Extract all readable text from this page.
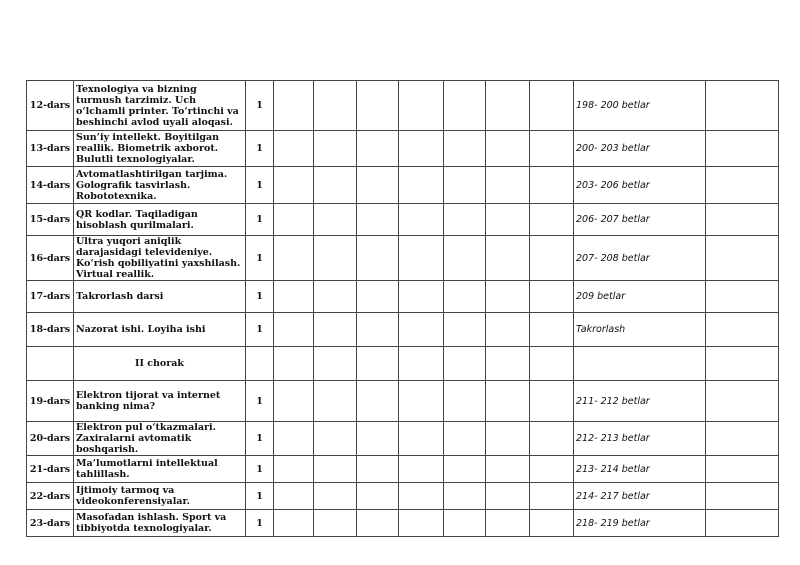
12-dars	Texnologiya va bizning turmush tarzimiz. Uch o‘lchamli printer. To‘rtinchi va beshinchi avlod uyali aloqasi.	1								198- 200 betlar	
13-dars	Sun’iy intellekt. Boyitilgan reallik. Biometrik axborot. Bulutli texnologiyalar.	1								200- 203 betlar	
14-dars	Avtomatlashtirilgan tarjima. Golografik tasvirlash. Robototexnika.	1								203- 206 betlar	
15-dars	QR kodlar. Taqiladigan hisoblash qurilmalari.	1								206- 207 betlar	
16-dars	Ultra yuqori aniqlik darajasidagi televideniye. Ko‘rish qobiliyatini yaxshilash. Virtual reallik.	1								207- 208 betlar	
17-dars	Takrorlash darsi	1								209 betlar	
18-dars	Nazorat ishi. Loyiha ishi	1								Takrorlash	
	II chorak										
19-dars	Elektron tijorat va internet banking nima?	1								211- 212 betlar	
20-dars	Elektron pul o‘tkazmalari. Zaxiralarni avtomatik boshqarish.	1								212- 213 betlar	
21-dars	Ma’lumotlarni intellektual tahlillash.	1								213- 214 betlar	
22-dars	Ijtimoiy tarmoq va videokonferensiyalar.	1								214- 217 betlar	
23-dars	Masofadan ishlash. Sport va tibbiyotda texnologiyalar.	1								218- 219 betlar	
